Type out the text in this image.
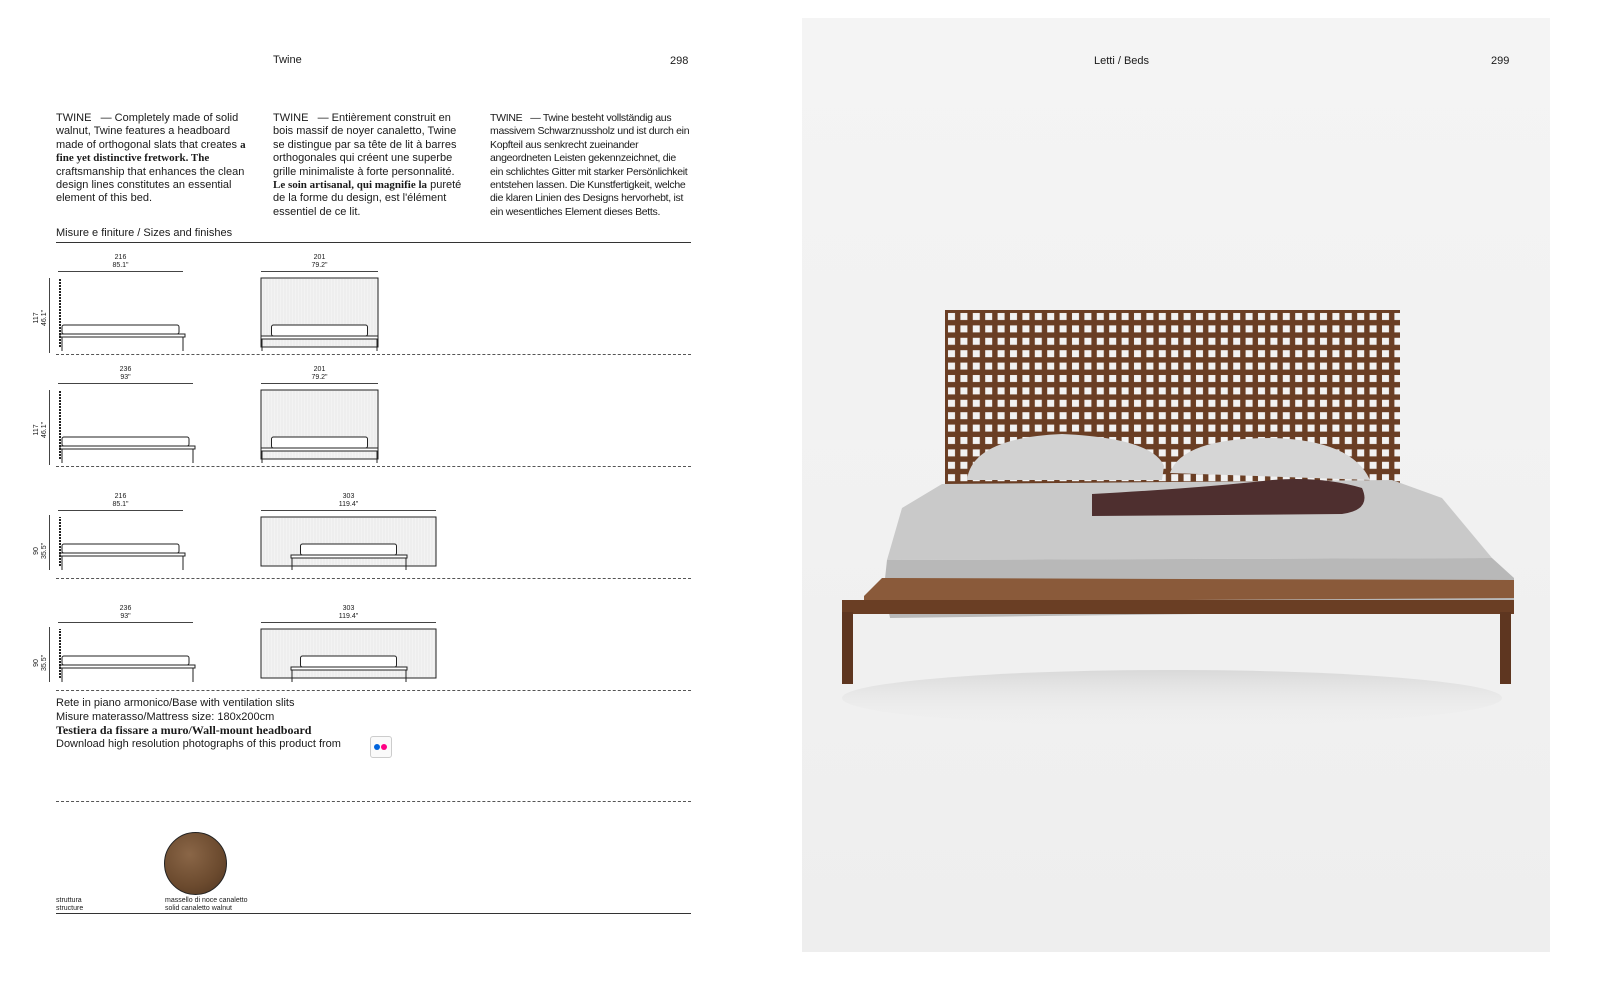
Twine	298
TWINE — Completely made of solid walnut, Twine features a headboard made of orthogonal slats that creates a fine yet distinctive fretwork. The craftsmanship that enhances the clean design lines constitutes an essential element of this bed.
TWINE — Entièrement construit en bois massif de noyer canaletto, Twine se distingue par sa tête de lit à barres orthogonales qui créent une superbe grille minimaliste à forte personnalité. Le soin artisanal, qui magnifie la pureté de la forme du design, est l'élément essentiel de ce lit.
TWINE — Twine besteht vollständig aus massivem Schwarznussholz und ist durch ein Kopfteil aus senkrecht zueinander angeordneten Leisten gekennzeichnet, die ein schlichtes Gitter mit starker Persönlichkeit entstehen lassen. Die Kunstfertigkeit, welche die klaren Linien des Designs hervorhebt, ist ein wesentliches Element dieses Betts.
Misure e finiture / Sizes and finishes
216
85.1"
201
79.2"
117
46.1"
236
93"
201
79.2"
117
46.1"
216
85.1"
303
119.4"
90
35.5"
236
93"
303
119.4"
90
35.5"
Rete in piano armonico/Base with ventilation slits
Misure materasso/Mattress size: 180x200cm
Testiera da fissare a muro/Wall-mount headboard
Download high resolution photographs of this product from
struttura
structure
massello di noce canaletto
solid canaletto walnut
Letti / Beds	299
